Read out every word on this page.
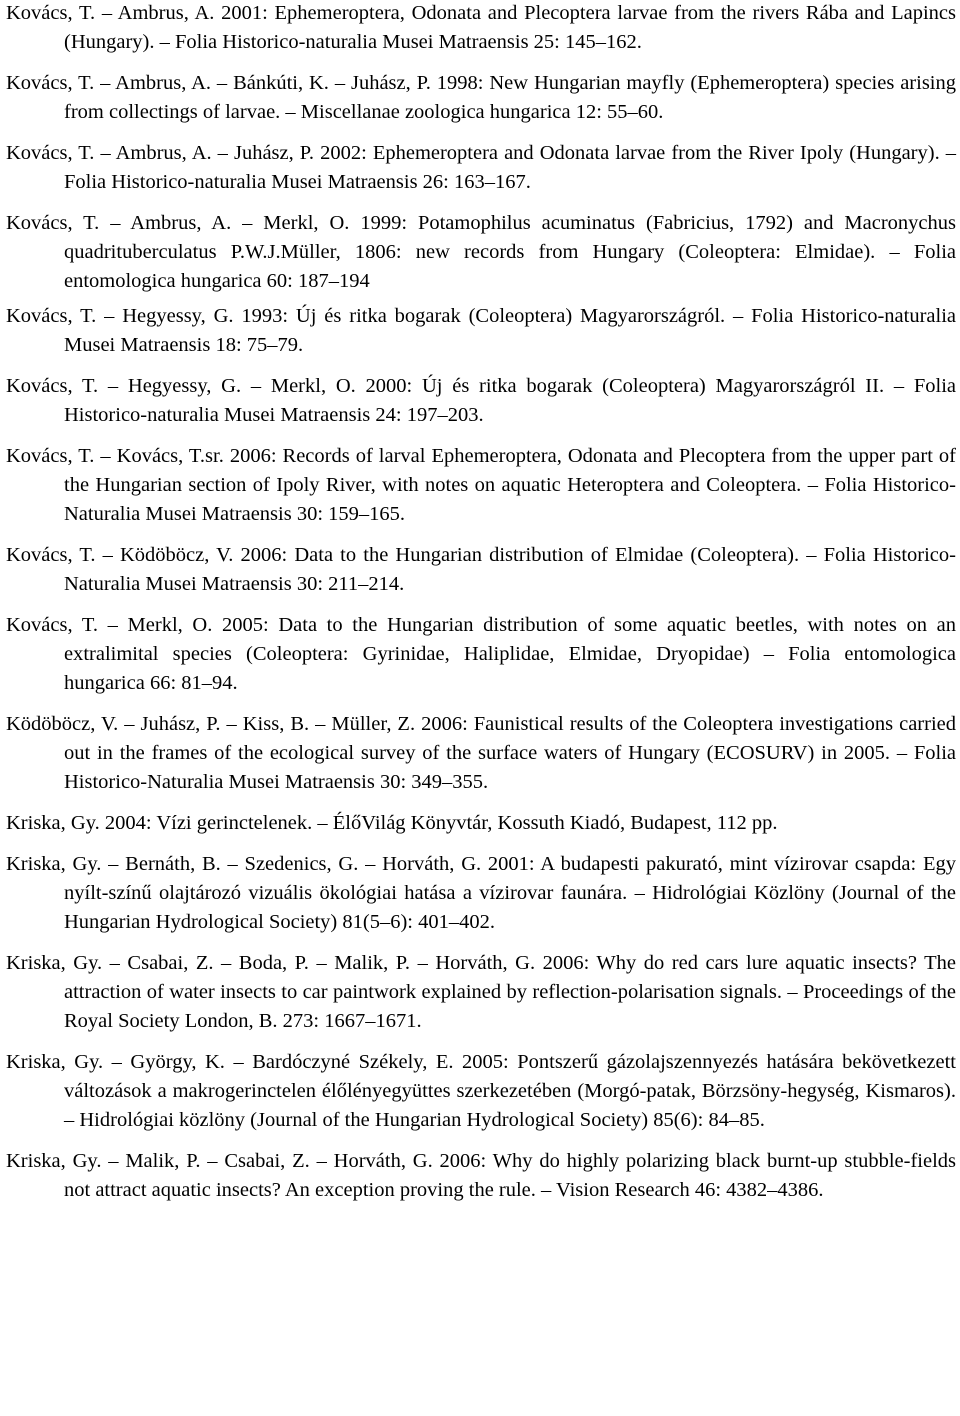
Kovács, T. – Ambrus, A. 2001: Ephemeroptera, Odonata and Plecoptera larvae from the rivers Rába and Lapincs (Hungary). – Folia Historico-naturalia Musei Matraensis 25: 145–162.

Kovács, T. – Ambrus, A. – Bánkúti, K. – Juhász, P. 1998: New Hungarian mayfly (Ephemeroptera) species arising from collectings of larvae. – Miscellanae zoologica hungarica 12: 55–60.

Kovács, T. – Ambrus, A. – Juhász, P. 2002: Ephemeroptera and Odonata larvae from the River Ipoly (Hungary). – Folia Historico-naturalia Musei Matraensis 26: 163–167.

Kovács, T. – Ambrus, A. – Merkl, O. 1999: Potamophilus acuminatus (Fabricius, 1792) and Macronychus quadrituberculatus P.W.J.Müller, 1806: new records from Hungary (Coleoptera: Elmidae). – Folia entomologica hungarica 60: 187–194

Kovács, T. – Hegyessy, G. 1993: Új és ritka bogarak (Coleoptera) Magyarországról. – Folia Historico-naturalia Musei Matraensis 18: 75–79.

Kovács, T. – Hegyessy, G. – Merkl, O. 2000: Új és ritka bogarak (Coleoptera) Magyarországról II. – Folia Historico-naturalia Musei Matraensis 24: 197–203.

Kovács, T. – Kovács, T.sr. 2006: Records of larval Ephemeroptera, Odonata and Plecoptera from the upper part of the Hungarian section of Ipoly River, with notes on aquatic Heteroptera and Coleoptera. – Folia Historico-Naturalia Musei Matraensis 30: 159–165.

Kovács, T. – Ködöböcz, V. 2006: Data to the Hungarian distribution of Elmidae (Coleoptera). – Folia Historico-Naturalia Musei Matraensis 30: 211–214.

Kovács, T. – Merkl, O. 2005: Data to the Hungarian distribution of some aquatic beetles, with notes on an extralimital species (Coleoptera: Gyrinidae, Haliplidae, Elmidae, Dryopidae) – Folia entomologica hungarica 66: 81–94.

Ködöböcz, V. – Juhász, P. – Kiss, B. – Müller, Z. 2006: Faunistical results of the Coleoptera investigations carried out in the frames of the ecological survey of the surface waters of Hungary (ECOSURV) in 2005. – Folia Historico-Naturalia Musei Matraensis 30: 349–355.

Kriska, Gy. 2004: Vízi gerinctelenek. – ÉlőVilág Könyvtár, Kossuth Kiadó, Budapest, 112 pp.

Kriska, Gy. – Bernáth, B. – Szedenics, G. – Horváth, G. 2001: A budapesti pakurató, mint vízirovar csapda: Egy nyílt-színű olajtározó vizuális ökológiai hatása a vízirovar faunára. – Hidrológiai Közlöny (Journal of the Hungarian Hydrological Society) 81(5–6): 401–402.

Kriska, Gy. – Csabai, Z. – Boda, P. – Malik, P. – Horváth, G. 2006: Why do red cars lure aquatic insects? The attraction of water insects to car paintwork explained by reflection-polarisation signals. – Proceedings of the Royal Society London, B. 273: 1667–1671.

Kriska, Gy. – György, K. – Bardóczyné Székely, E. 2005: Pontszerű gázolajszennyezés hatására bekövetkezett változások a makrogerinctelen élőlényegyüttes szerkezetében (Morgó-patak, Börzsöny-hegység, Kismaros). – Hidrológiai közlöny (Journal of the Hungarian Hydrological Society) 85(6): 84–85.

Kriska, Gy. – Malik, P. – Csabai, Z. – Horváth, G. 2006: Why do highly polarizing black burnt-up stubble-fields not attract aquatic insects? An exception proving the rule. – Vision Research 46: 4382–4386.
